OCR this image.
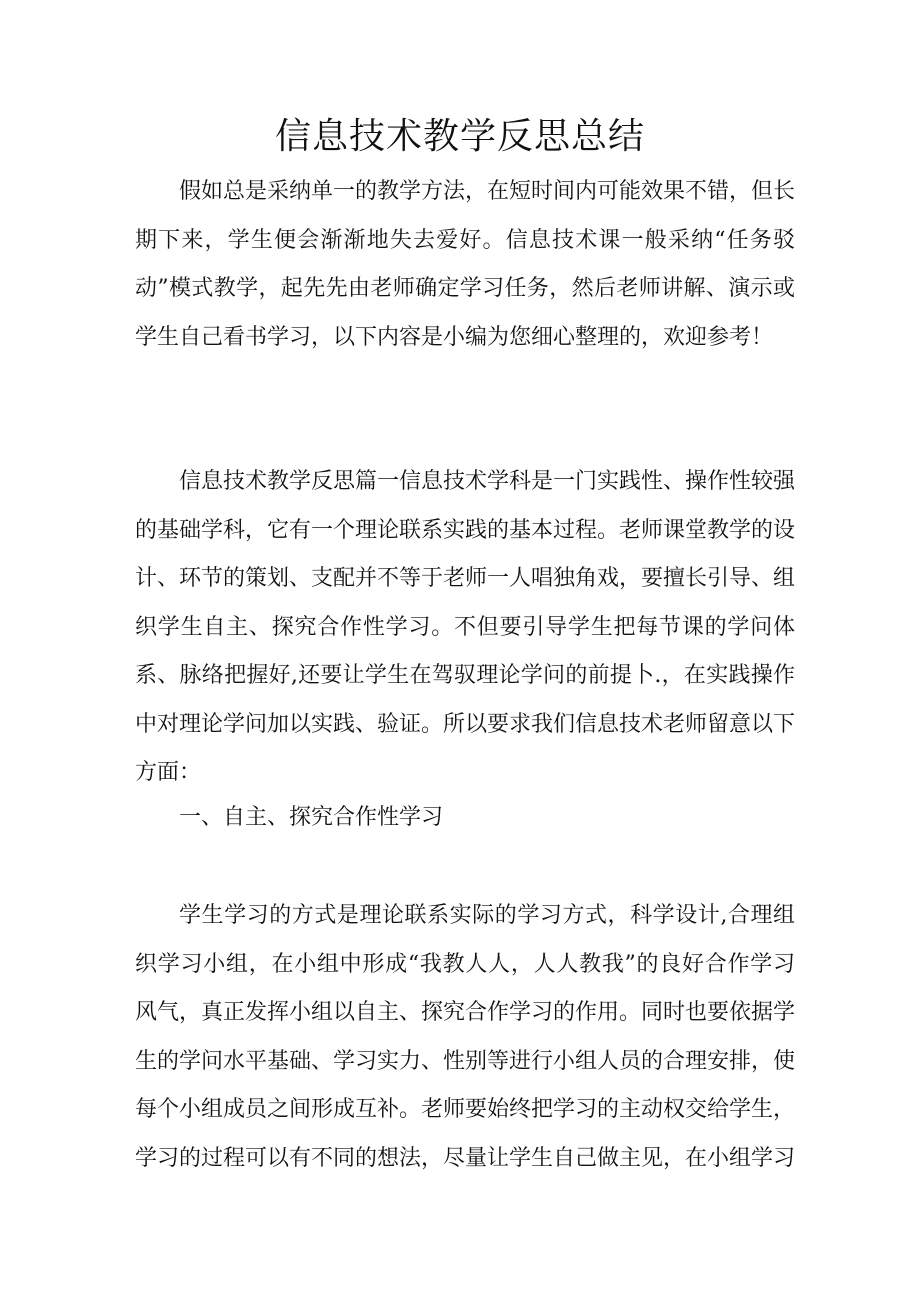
信息技术教学反思总结

假如总是采纳单一的教学方法，在短时间内可能效果不错，但长期下来，学生便会渐渐地失去爱好。信息技术课一般采纳“任务驳动”模式教学，起先先由老师确定学习任务，然后老师讲解、演示或学生自己看书学习，以下内容是小编为您细心整理的，欢迎参考！

信息技术教学反思篇一信息技术学科是一门实践性、操作性较强的基础学科，它有一个理论联系实践的基本过程。老师课堂教学的设计、环节的策划、支配并不等于老师一人唱独角戏，要擅长引导、组织学生自主、探究合作性学习。不但要引导学生把每节课的学问体系、脉络把握好,还要让学生在驾驭理论学问的前提卜.，在实践操作中对理论学问加以实践、验证。所以要求我们信息技术老师留意以下方面：

一、自主、探究合作性学习

学生学习的方式是理论联系实际的学习方式，科学设计,合理组织学习小组，在小组中形成“我教人人，人人教我”的良好合作学习风气，真正发挥小组以自主、探究合作学习的作用。同时也要依据学生的学问水平基础、学习实力、性别等进行小组人员的合理安排，使每个小组成员之间形成互补。老师要始终把学习的主动权交给学生，学习的过程可以有不同的想法，尽量让学生自己做主见，在小组学习
